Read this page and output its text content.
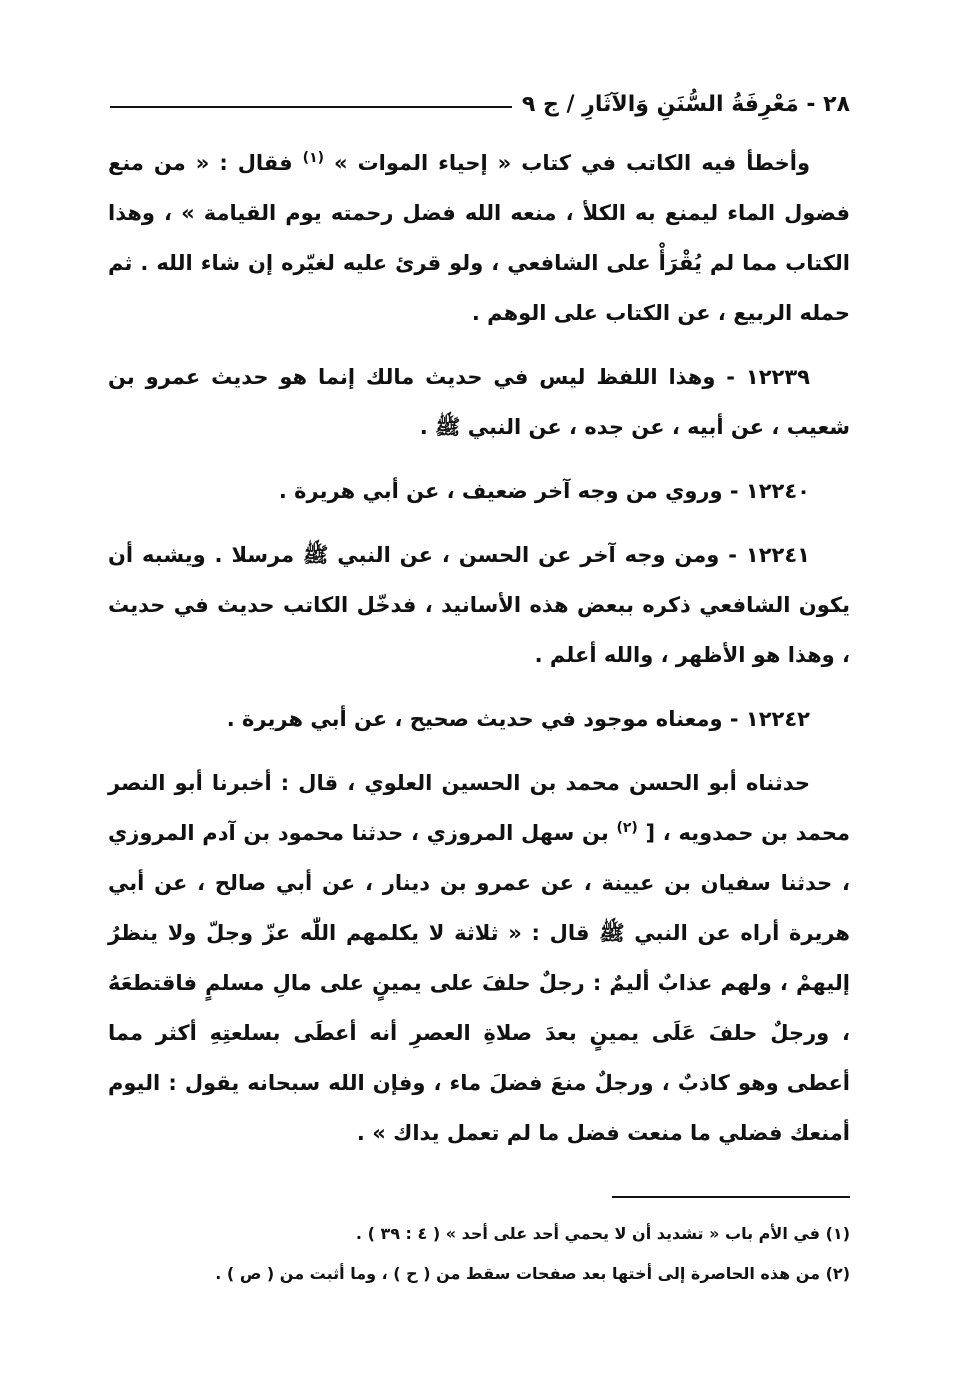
٢٨ - مَعْرِفَةُ السُّنَنِ وَالآثَارِ / ج ٩

وأخطأ فيه الكاتب في كتاب « إحياء الموات » $^{(١)}$ فقال : « من منع فضول الماء ليمنع به الكلأ ، منعه الله فضل رحمته يوم القيامة » ، وهذا الكتاب مما لم يُقْرَأْ على الشافعي ، ولو قرئ عليه لغيّره إن شاء الله . ثم حمله الربيع ، عن الكتاب على الوهم .

١٢٢٣٩ - وهذا اللفظ ليس في حديث مالك إنما هو حديث عمرو بن شعيب ، عن أبيه ، عن جده ، عن النبي ﷺ .

١٢٢٤٠ - وروي من وجه آخر ضعيف ، عن أبي هريرة .

١٢٢٤١ - ومن وجه آخر عن الحسن ، عن النبي ﷺ مرسلا . ويشبه أن يكون الشافعي ذكره ببعض هذه الأسانيد ، فدخّل الكاتب حديث في حديث ، وهذا هو الأظهر ، والله أعلم .

١٢٢٤٢ - ومعناه موجود في حديث صحيح ، عن أبي هريرة .

حدثناه أبو الحسن محمد بن الحسين العلوي ، قال : أخبرنا أبو النصر محمد بن حمدويه ، [ $^{(٢)}$ بن سهل المروزي ، حدثنا محمود بن آدم المروزي ، حدثنا سفيان بن عيينة ، عن عمرو بن دينار ، عن أبي صالح ، عن أبي هريرة أراه عن النبي ﷺ قال : « ثلاثة لا يكلمهم اللّٰه عزّ وجلّ ولا ينظرُ إليهمْ ، ولهم عذابٌ أليمٌ : رجلٌ حلفَ على يمينٍ على مالِ مسلمٍ فاقتطعَهُ ، ورجلٌ حلفَ عَلَى يمينٍ بعدَ صلاةِ العصرِ أنه أعطَى بسلعتِهِ أكثر مما أعطى وهو كاذبٌ ، ورجلٌ منعَ فضلَ ماء ، وفإن الله سبحانه يقول : اليوم أمنعك فضلي ما منعت فضل ما لم تعمل يداك » .

(١) في الأم باب « تشديد أن لا يحمي أحد على أحد » ( ٤ : ٣٩ ) .

(٢) من هذه الحاصرة إلى أختها بعد صفحات سقط من ( ح ) ، وما أثبت من ( ص ) .
